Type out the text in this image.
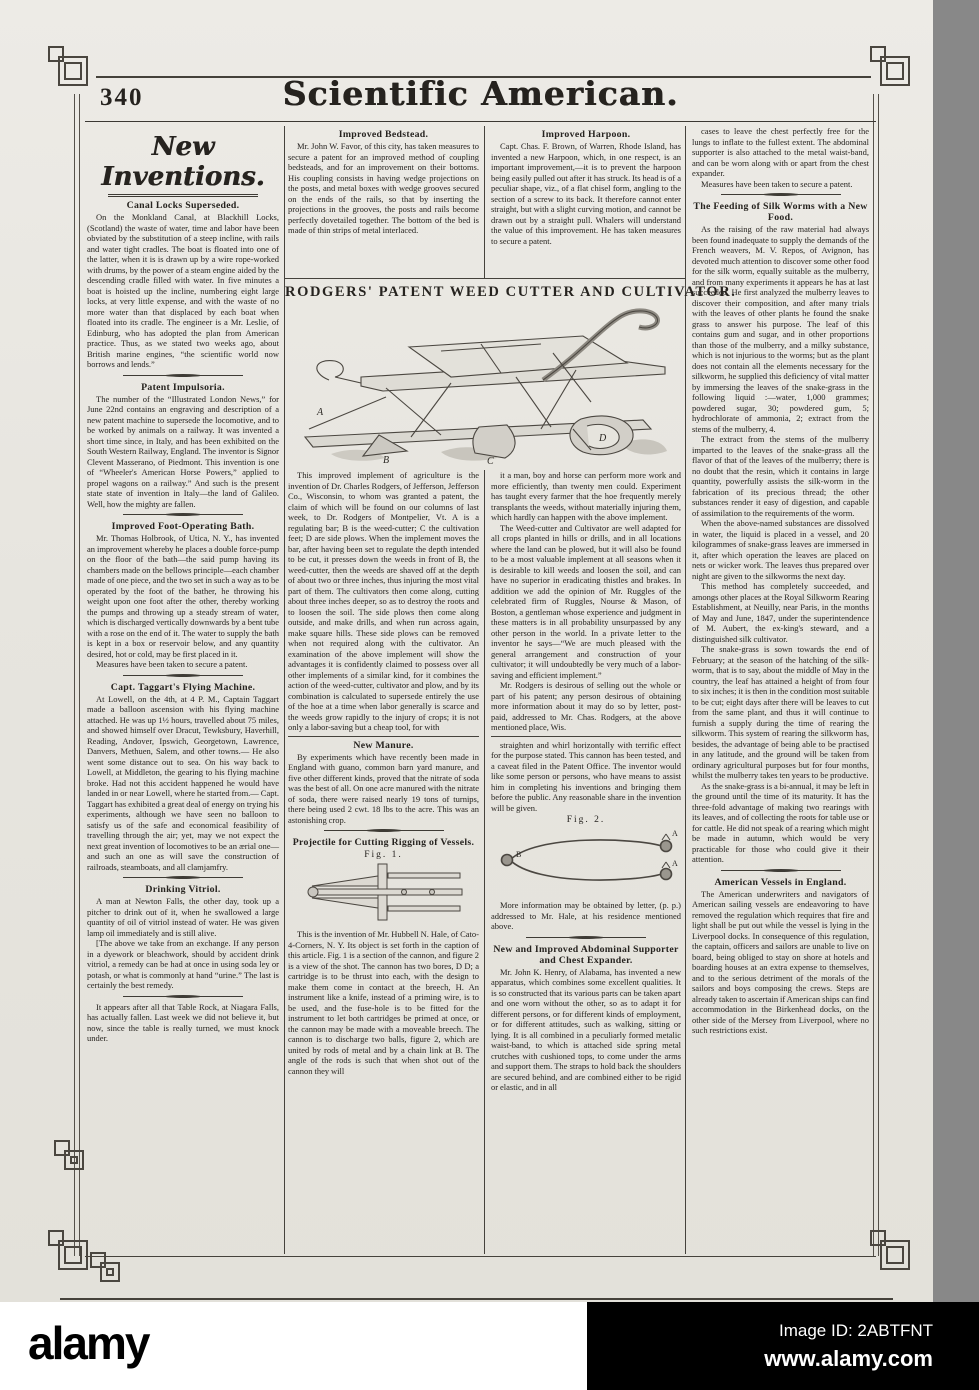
340	Scientific American.
New Inventions.
Canal Locks Superseded.

On the Monkland Canal, at Blackhill Locks, (Scotland) the waste of water, time and labor have been obviated by the substitution of a steep incline, with rails and water tight cradles. The boat is floated into one of the latter, when it is is drawn up by a wire rope-worked with drums, by the power of a steam engine aided by the descending cradle filled with water. In five minutes a boat is hoisted up the incline, numbering eight large locks, at very little expense, and with the waste of no more water than that displaced by each boat when floated into its cradle. The engineer is a Mr. Leslie, of Edinburg, who has adopted the plan from American practice. Thus, as we stated two weeks ago, about British marine engines, “the scientific world now borrows and lends.”

Patent Impulsoria.

The number of the “Illustrated London News,” for June 22nd contains an engraving and description of a new patent machine to supersede the locomotive, and to be worked by animals on a railway. It was invented a short time since, in Italy, and has been exhibited on the South Western Railway, England. The inventor is Signor Clevent Masserano, of Piedmont. This invention is one of “Wheeler's American Horse Powers,” applied to propel wagons on a railway.” And such is the present state state of invention in Italy—the land of Galileo. Well, how the mighty are fallen.

Improved Foot-Operating Bath.

Mr. Thomas Holbrook, of Utica, N. Y., has invented an improvement whereby he places a double force-pump on the floor of the bath—the said pump having its chambers made on the bellows principle—each chamber made of one piece, and the two set in such a way as to be operated by the foot of the bather, he throwing his weight upon one foot after the other, thereby working the pumps and throwing up a steady stream of water, which is discharged vertically downwards by a bent tube with a rose on the end of it. The water to supply the bath is kept in a box or reservoir below, and any quantity desired, hot or cold, may be first placed in it.

Measures have been taken to secure a patent.

Capt. Taggart's Flying Machine.

At Lowell, on the 4th, at 4 P. M., Captain Taggart made a balloon ascension with his flying machine attached. He was up 1½ hours, travelled about 75 miles, and showed himself over Dracut, Tewksbury, Haverhill, Reading, Andover, Ipswich, Georgetown, Lawrence, Danvers, Methuen, Salem, and other towns.— He also went some distance out to sea. On his way back to Lowell, at Middleton, the gearing to his flying machine broke. Had not this accident happened he would have landed in or near Lowell, where he started from.— Capt. Taggart has exhibited a great deal of energy on trying his experiments, although we have seen no balloon to satisfy us of the safe and economical feasibility of travelling through the air; yet, may we not expect the next great invention of locomotives to be an ærial one—and such an one as will save the construction of railroads, steamboats, and all clamjamfry.

Drinking Vitriol.

A man at Newton Falls, the other day, took up a pitcher to drink out of it, when he swallowed a large quantity of oil of vitriol instead of water. He was given lamp oil immediately and is still alive.

[The above we take from an exchange. If any person in a dyework or bleachwork, should by accident drink vitriol, a remedy can be had at once in using soda ley or potash, or what is commonly at hand “urine.” The last is certainly the best remedy.

It appears after all that Table Rock, at Niagara Falls, has actually fallen. Last week we did not believe it, but now, since the table is really turned, we must knock under.

Improved Bedstead.

Mr. John W. Favor, of this city, has taken measures to secure a patent for an improved method of coupling bedsteads, and for an improvement on their bottoms. His coupling consists in having wedge projections on the posts, and metal boxes with wedge grooves secured on the ends of the rails, so that by inserting the projections in the grooves, the posts and rails become perfectly dovetailed together. The bottom of the bed is made of thin strips of metal interlaced.

Improved Harpoon.

Capt. Chas. F. Brown, of Warren, Rhode Island, has invented a new Harpoon, which, in one respect, is an important improvement,—it is to prevent the harpoon being easily pulled out after it has struck. Its head is of a peculiar shape, viz., of a flat chisel form, angling to the section of a screw to its back. It therefore cannot enter straight, but with a slight curving motion, and cannot be drawn out by a straight pull. Whalers will understand the value of this improvement. He has taken measures to secure a patent.

RODGERS' PATENT WEED CUTTER AND CULTIVATOR.
A
B	C
D

This improved implement of agriculture is the invention of Dr. Charles Rodgers, of Jefferson, Jefferson Co., Wisconsin, to whom was granted a patent, the claim of which will be found on our columns of last week, to Dr. Rodgers of Montpelier, Vt. A is a regulating bar; B is the weed-cutter; C the cultivation feet; D are side plows. When the implement moves the bar, after having been set to regulate the depth intended to be cut, it presses down the weeds in front of B, the weed-cutter, then the weeds are shaved off at the depth of about two or three inches, thus injuring the most vital part of them. The cultivators then come along, cutting about three inches deeper, so as to destroy the roots and to loosen the soil. The side plows then come along outside, and make drills, and when run across again, make square hills. These side plows can be removed when not required along with the cultivator. An examination of the above implement will show the advantages it is confidently claimed to possess over all other implements of a similar kind, for it combines the action of the weed-cutter, cultivator and plow, and by its combination is calculated to supersede entirely the use of the hoe at a time when labor generally is scarce and the weeds grow rapidly to the injury of crops; it is not only a labor-saving but a cheap tool, for with

New Manure.

By experiments which have recently been made in England with guano, common barn yard manure, and five other different kinds, proved that the nitrate of soda was the best of all. On one acre manured with the nitrate of soda, there were raised nearly 19 tons of turnips, there being used 2 cwt. 18 lbs to the acre. This was an astonishing crop.

Projectile for Cutting Rigging of Vessels.
Fig. 1.

This is the invention of Mr. Hubbell N. Hale, of Cato-4-Corners, N. Y. Its object is set forth in the caption of this article. Fig. 1 is a section of the cannon, and figure 2 is a view of the shot. The cannon has two bores, D D; a cartridge is to be thrust into each, with the design to make them come in contact at the breech, H. An instrument like a knife, instead of a priming wire, is to be used, and the fuse-hole is to be fitted for the instrument to let both cartridges be primed at once, or the cannon may be made with a moveable breech. The cannon is to discharge two balls, figure 2, which are united by rods of metal and by a chain link at B. The angle of the rods is such that when shot out of the cannon they will

it a man, boy and horse can perform more work and more efficiently, than twenty men could. Experiment has taught every farmer that the hoe frequently merely transplants the weeds, without materially injuring them, which hardly can happen with the above implement.

The Weed-cutter and Cultivator are well adapted for all crops planted in hills or drills, and in all locations where the land can be plowed, but it will also be found to be a most valuable implement at all seasons when it is desirable to kill weeds and loosen the soil, and can have no superior in eradicating thistles and brakes. In addition we add the opinion of Mr. Ruggles of the celebrated firm of Ruggles, Nourse & Mason, of Boston, a gentleman whose experience and judgment in these matters is in all probability unsurpassed by any other person in the world. In a private letter to the inventor he says—“We are much pleased with the general arrangement and construction of your cultivator; it will undoubtedly be very much of a labor-saving and efficient implement.”

Mr. Rodgers is desirous of selling out the whole or part of his patent; any person desirous of obtaining more information about it may do so by letter, post-paid, addressed to Mr. Chas. Rodgers, at the above mentioned place, Wis.

straighten and whirl horizontally with terrific effect for the purpose stated. This cannon has been tested, and a caveat filed in the Patent Office. The inventor would like some person or persons, who have means to assist him in completing his inventions and bringing them before the public. Any reasonable share in the invention will be given.

Fig. 2.
B
A
A

More information may be obtained by letter, (p. p.) addressed to Mr. Hale, at his residence mentioned above.

New and Improved Abdominal Supporter and Chest Expander.

Mr. John K. Henry, of Alabama, has invented a new apparatus, which combines some excellent qualities. It is so constructed that its various parts can be taken apart and one worn without the other, so as to adapt it for different persons, or for different kinds of employment, or for different attitudes, such as walking, sitting or lying. It is all combined in a peculiarly formed metalic waist-band, to which is attached side spring metal crutches with cushioned tops, to come under the arms and support them. The straps to hold back the shoulders are secured behind, and are combined either to be rigid or elastic, and in all

cases to leave the chest perfectly free for the lungs to inflate to the fullest extent. The abdominal supporter is also attached to the metal waist-band, and can be worn along with or apart from the chest expander.

Measures have been taken to secure a patent.

The Feeding of Silk Worms with a New Food.

As the raising of the raw material had always been found inadequate to supply the demands of the French weavers, M. V. Repos, of Avignon, has devoted much attention to discover some other food for the silk worm, equally suitable as the mulberry, and from many experiments it appears he has at last succeeded. He first analyzed the mulberry leaves to discover their composition, and after many trials with the leaves of other plants he found the snake grass to answer his purpose. The leaf of this contains gum and sugar, and in other proportions than those of the mulberry, and a milky substance, which is not injurious to the worms; but as the plant does not contain all the elements necessary for the silkworm, he supplied this deficiency of vital matter by immersing the leaves of the snake-grass in the following liquid :—water, 1,000 grammes; powdered sugar, 30; powdered gum, 5; hydrochlorate of ammonia, 2; extract from the stems of the mulberry, 4.

The extract from the stems of the mulberry imparted to the leaves of the snake-grass all the flavor of that of the leaves of the mulberry; there is no doubt that the resin, which it contains in large quantity, powerfully assists the silk-worm in the fabrication of its precious thread; the other substances render it easy of digestion, and capable of assimilation to the requirements of the worm.

When the above-named substances are dissolved in water, the liquid is placed in a vessel, and 20 kilogrammes of snake-grass leaves are immersed in it, after which operation the leaves are placed on nets or wicker work. The leaves thus prepared over night are given to the silkworms the next day.

This method has completely succeeded, and amongs other places at the Royal Silkworm Rearing Establishment, at Neuilly, near Paris, in the months of May and June, 1847, under the superintendence of M. Aubert, the ex-king's steward, and a distinguished silk cultivator.

The snake-grass is sown towards the end of February; at the season of the hatching of the silk-worm, that is to say, about the middle of May in the country, the leaf has attained a height of from four to six inches; it is then in the condition most suitable to be cut; eight days after there will be leaves to cut from the same plant, and thus it will continue to furnish a supply during the time of rearing the silkworm. This system of rearing the silkworm has, besides, the advantage of being able to be practised in any latitude, and the ground will be taken from ordinary agricultural purposes but for four months, whilst the mulberry takes ten years to be productive.

As the snake-grass is a bi-annual, it may be left in the ground until the time of its maturity. It has the three-fold advantage of making two rearings with its leaves, and of collecting the roots for table use or for cattle. He did not speak of a rearing which might be made in autumn, which would be very practicable for those who could give it their attention.

American Vessels in England.

The American underwriters and navigators of American sailing vessels are endeavoring to have removed the regulation which requires that fire and light shall be put out while the vessel is lying in the Liverpool docks. In consequence of this regulation, the captain, officers and sailors are unable to live on board, being obliged to stay on shore at hotels and boarding houses at an extra expense to themselves, and to the serious detriment of the morals of the sailors and boys composing the crews. Steps are already taken to ascertain if American ships can find accommodation in the Birkenhead docks, on the other side of the Mersey from Liverpool, where no such restrictions exist.

alamy	Image ID: 2ABTFNT
www.alamy.com
